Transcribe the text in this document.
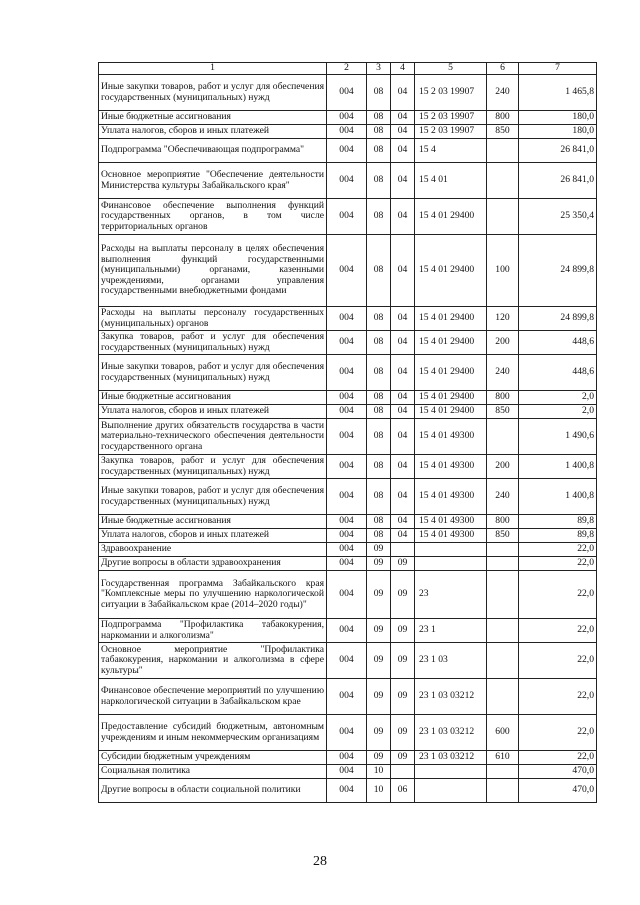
1	2	3	4	5	6	7
Иные закупки товаров, работ и услуг для обеспечения государственных (муниципальных) нужд	004	08	04	15 2 03 19907	240	1 465,8
Иные бюджетные ассигнования	004	08	04	15 2 03 19907	800	180,0
Уплата налогов, сборов и иных платежей	004	08	04	15 2 03 19907	850	180,0
Подпрограмма "Обеспечивающая подпрограмма"	004	08	04	15 4		26 841,0
Основное мероприятие "Обеспечение деятельности Министерства культуры Забайкальского края"	004	08	04	15 4 01		26 841,0
Финансовое обеспечение выполнения функций государственных органов, в том числе территориальных органов	004	08	04	15 4 01 29400		25 350,4
Расходы на выплаты персоналу в целях обеспечения выполнения функций государственными (муниципальными) органами, казенными учреждениями, органами управления государственными внебюджетными фондами	004	08	04	15 4 01 29400	100	24 899,8
Расходы на выплаты персоналу государственных (муниципальных) органов	004	08	04	15 4 01 29400	120	24 899,8
Закупка товаров, работ и услуг для обеспечения государственных (муниципальных) нужд	004	08	04	15 4 01 29400	200	448,6
Иные закупки товаров, работ и услуг для обеспечения государственных (муниципальных) нужд	004	08	04	15 4 01 29400	240	448,6
Иные бюджетные ассигнования	004	08	04	15 4 01 29400	800	2,0
Уплата налогов, сборов и иных платежей	004	08	04	15 4 01 29400	850	2,0
Выполнение других обязательств государства в части материально-технического обеспечения деятельности государственного органа	004	08	04	15 4 01 49300		1 490,6
Закупка товаров, работ и услуг для обеспечения государственных (муниципальных) нужд	004	08	04	15 4 01 49300	200	1 400,8
Иные закупки товаров, работ и услуг для обеспечения государственных (муниципальных) нужд	004	08	04	15 4 01 49300	240	1 400,8
Иные бюджетные ассигнования	004	08	04	15 4 01 49300	800	89,8
Уплата налогов, сборов и иных платежей	004	08	04	15 4 01 49300	850	89,8
Здравоохранение	004	09				22,0
Другие вопросы в области здравоохранения	004	09	09			22,0
Государственная программа Забайкальского края "Комплексные меры по улучшению наркологической ситуации в Забайкальском крае (2014–2020 годы)"	004	09	09	23		22,0
Подпрограмма "Профилактика табакокурения, наркомании и алкоголизма"	004	09	09	23 1		22,0
Основное мероприятие "Профилактика табакокурения, наркомании и алкоголизма в сфере культуры"	004	09	09	23 1 03		22,0
Финансовое обеспечение мероприятий по улучшению наркологической ситуации в Забайкальском крае	004	09	09	23 1 03 03212		22,0
Предоставление субсидий бюджетным, автономным учреждениям и иным некоммерческим организациям	004	09	09	23 1 03 03212	600	22,0
Субсидии бюджетным учреждениям	004	09	09	23 1 03 03212	610	22,0
Социальная политика	004	10				470,0
Другие вопросы в области социальной политики	004	10	06			470,0
28
